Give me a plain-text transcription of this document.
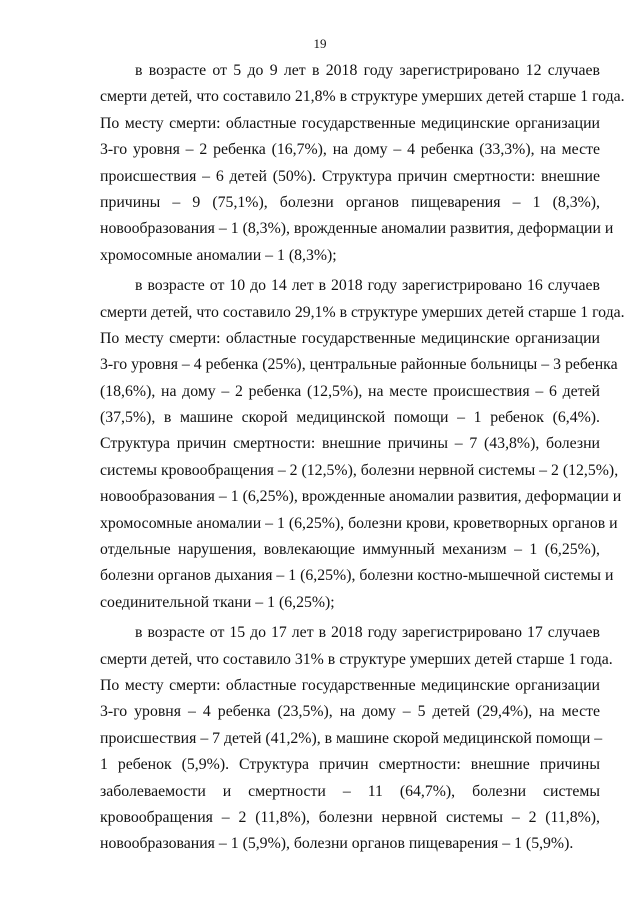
19

в возрасте от 5 до 9 лет в 2018 году зарегистрировано 12 случаев

смерти детей, что составило 21,8% в структуре умерших детей старше 1 года.

По месту смерти: областные государственные медицинские организации

3-го уровня – 2 ребенка (16,7%), на дому – 4 ребенка (33,3%), на месте

происшествия – 6 детей (50%). Структура причин смертности: внешние

причины – 9 (75,1%), болезни органов пищеварения – 1 (8,3%),

новообразования – 1 (8,3%), врожденные аномалии развития, деформации и

хромосомные аномалии – 1 (8,3%);

в возрасте от 10 до 14 лет в 2018 году зарегистрировано 16 случаев

смерти детей, что составило 29,1% в структуре умерших детей старше 1 года.

По месту смерти: областные государственные медицинские организации

3-го уровня – 4 ребенка (25%), центральные районные больницы – 3 ребенка

(18,6%), на дому – 2 ребенка (12,5%), на месте происшествия – 6 детей

(37,5%), в машине скорой медицинской помощи – 1 ребенок (6,4%).

Структура причин смертности: внешние причины – 7 (43,8%), болезни

системы кровообращения – 2 (12,5%), болезни нервной системы – 2 (12,5%),

новообразования – 1 (6,25%), врожденные аномалии развития, деформации и

хромосомные аномалии – 1 (6,25%), болезни крови, кроветворных органов и

отдельные нарушения, вовлекающие иммунный механизм – 1 (6,25%),

болезни органов дыхания – 1 (6,25%), болезни костно-мышечной системы и

соединительной ткани – 1 (6,25%);

в возрасте от 15 до 17 лет в 2018 году зарегистрировано 17 случаев

смерти детей, что составило 31% в структуре умерших детей старше 1 года.

По месту смерти: областные государственные медицинские организации

3-го уровня – 4 ребенка (23,5%), на дому – 5 детей (29,4%), на месте

происшествия – 7 детей (41,2%), в машине скорой медицинской помощи –

1 ребенок (5,9%). Структура причин смертности: внешние причины

заболеваемости и смертности – 11 (64,7%), болезни системы

кровообращения – 2 (11,8%), болезни нервной системы – 2 (11,8%),

новообразования – 1 (5,9%), болезни органов пищеварения – 1 (5,9%).
